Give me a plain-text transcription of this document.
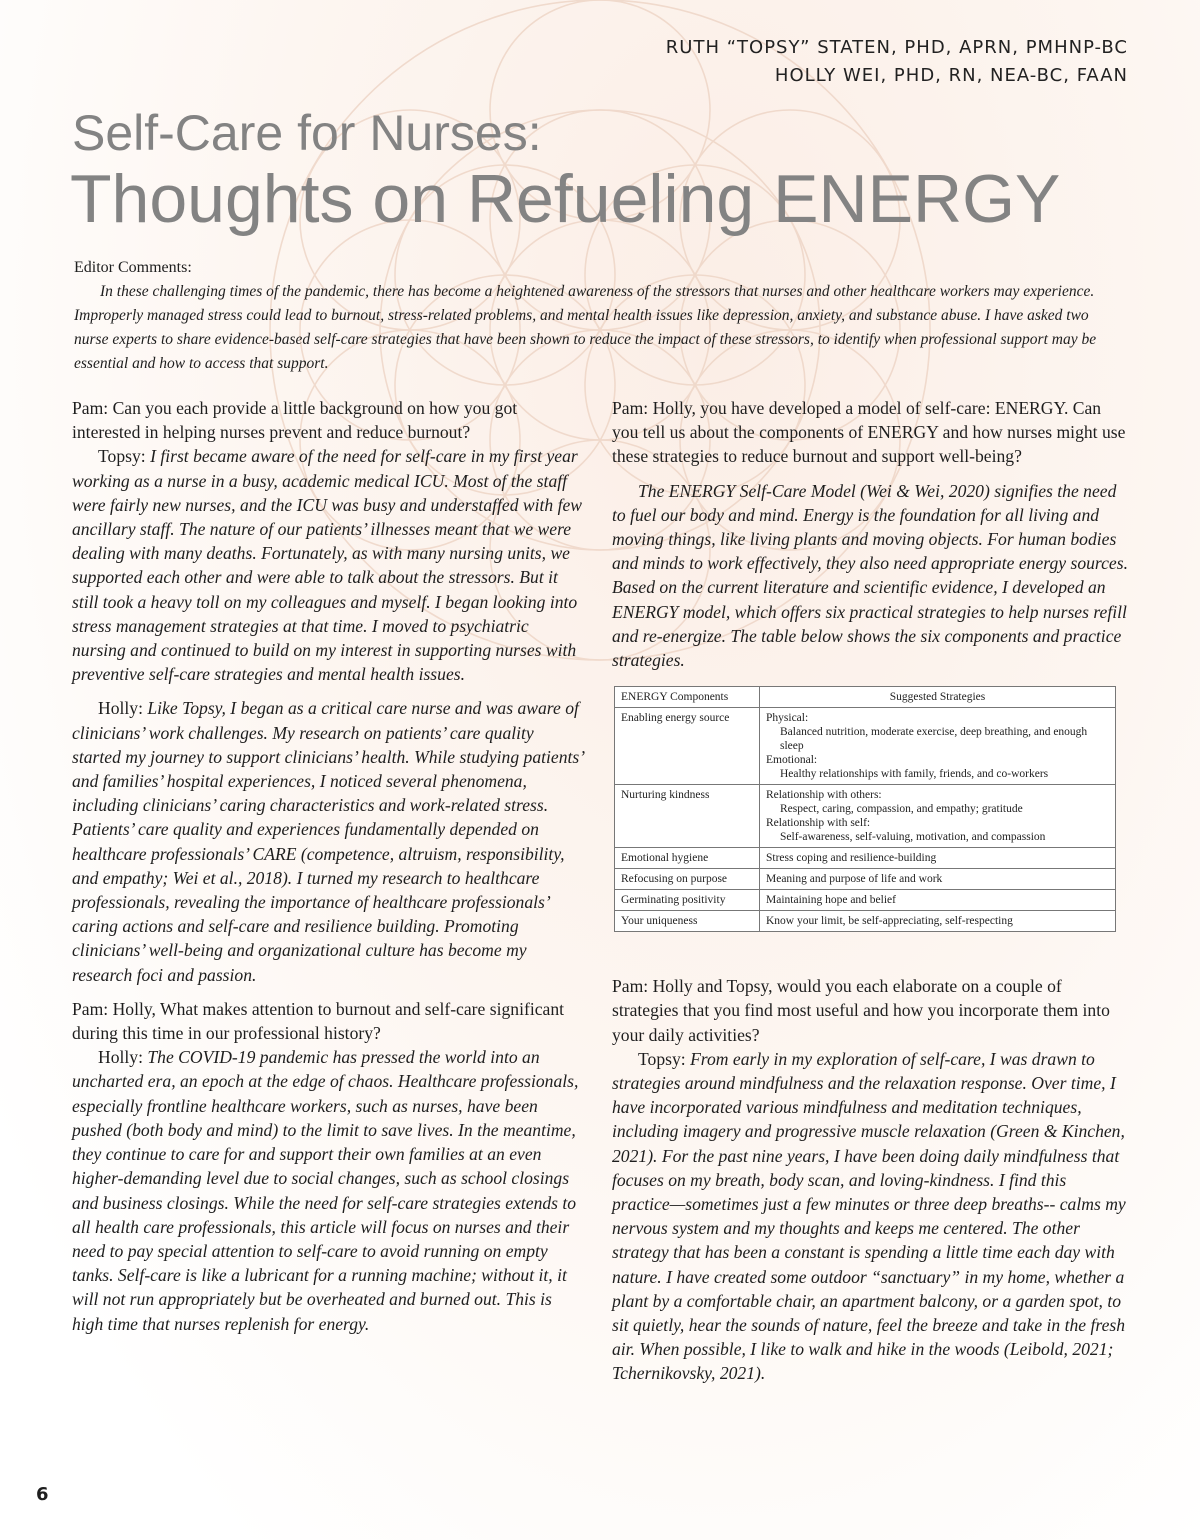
RUTH “TOPSY” STATEN, PHD, APRN, PMHNP-BC
HOLLY WEI, PHD, RN, NEA-BC, FAAN
Self-Care for Nurses:
Thoughts on Refueling ENERGY
Editor Comments:
In these challenging times of the pandemic, there has become a heightened awareness of the stressors that nurses and other healthcare workers may experience. Improperly managed stress could lead to burnout, stress-related problems, and mental health issues like depression, anxiety, and substance abuse. I have asked two nurse experts to share evidence-based self-care strategies that have been shown to reduce the impact of these stressors, to identify when professional support may be essential and how to access that support.

Pam: Can you each provide a little background on how you got interested in helping nurses prevent and reduce burnout?

Topsy: I first became aware of the need for self-care in my first year working as a nurse in a busy, academic medical ICU. Most of the staff were fairly new nurses, and the ICU was busy and understaffed with few ancillary staff. The nature of our patients’ illnesses meant that we were dealing with many deaths. Fortunately, as with many nursing units, we supported each other and were able to talk about the stressors. But it still took a heavy toll on my colleagues and myself. I began looking into stress management strategies at that time. I moved to psychiatric nursing and continued to build on my interest in supporting nurses with preventive self-care strategies and mental health issues.

Holly: Like Topsy, I began as a critical care nurse and was aware of clinicians’ work challenges. My research on patients’ care quality started my journey to support clinicians’ health. While studying patients’ and families’ hospital experiences, I noticed several phenomena, including clinicians’ caring characteristics and work-related stress. Patients’ care quality and experiences fundamentally depended on healthcare professionals’ CARE (competence, altruism, responsibility, and empathy; Wei et al., 2018). I turned my research to healthcare professionals, revealing the importance of healthcare professionals’ caring actions and self-care and resilience building. Promoting clinicians’ well-being and organizational culture has become my research foci and passion.

Pam: Holly, What makes attention to burnout and self-care significant during this time in our professional history?

Holly: The COVID-19 pandemic has pressed the world into an uncharted era, an epoch at the edge of chaos. Healthcare professionals, especially frontline healthcare workers, such as nurses, have been pushed (both body and mind) to the limit to save lives. In the meantime, they continue to care for and support their own families at an even higher-demanding level due to social changes, such as school closings and business closings. While the need for self-care strategies extends to all health care professionals, this article will focus on nurses and their need to pay special attention to self-care to avoid running on empty tanks. Self-care is like a lubricant for a running machine; without it, it will not run appropriately but be overheated and burned out. This is high time that nurses replenish for energy.

Pam: Holly, you have developed a model of self-care: ENERGY. Can you tell us about the components of ENERGY and how nurses might use these strategies to reduce burnout and support well-being?

The ENERGY Self-Care Model (Wei & Wei, 2020) signifies the need to fuel our body and mind. Energy is the foundation for all living and moving things, like living plants and moving objects. For human bodies and minds to work effectively, they also need appropriate energy sources. Based on the current literature and scientific evidence, I developed an ENERGY model, which offers six practical strategies to help nurses refill and re-energize. The table below shows the six components and practice strategies.

ENERGY Components	Suggested Strategies
Enabling energy source	Physical:
Balanced nutrition, moderate exercise, deep breathing, and enough sleep
Emotional:
Healthy relationships with family, friends, and co-workers

Nurturing kindness	Relationship with others:
Respect, caring, compassion, and empathy; gratitude
Relationship with self:
Self-awareness, self-valuing, motivation, and compassion

Emotional hygiene	Stress coping and resilience-building
Refocusing on purpose	Meaning and purpose of life and work
Germinating positivity	Maintaining hope and belief
Your uniqueness	Know your limit, be self-appreciating, self-respecting

Pam: Holly and Topsy, would you each elaborate on a couple of strategies that you find most useful and how you incorporate them into your daily activities?

Topsy: From early in my exploration of self-care, I was drawn to strategies around mindfulness and the relaxation response. Over time, I have incorporated various mindfulness and meditation techniques, including imagery and progressive muscle relaxation (Green & Kinchen, 2021). For the past nine years, I have been doing daily mindfulness that focuses on my breath, body scan, and loving-kindness. I find this practice—sometimes just a few minutes or three deep breaths-- calms my nervous system and my thoughts and keeps me centered. The other strategy that has been a constant is spending a little time each day with nature. I have created some outdoor “sanctuary” in my home, whether a plant by a comfortable chair, an apartment balcony, or a garden spot, to sit quietly, hear the sounds of nature, feel the breeze and take in the fresh air. When possible, I like to walk and hike in the woods (Leibold, 2021; Tchernikovsky, 2021).

6
